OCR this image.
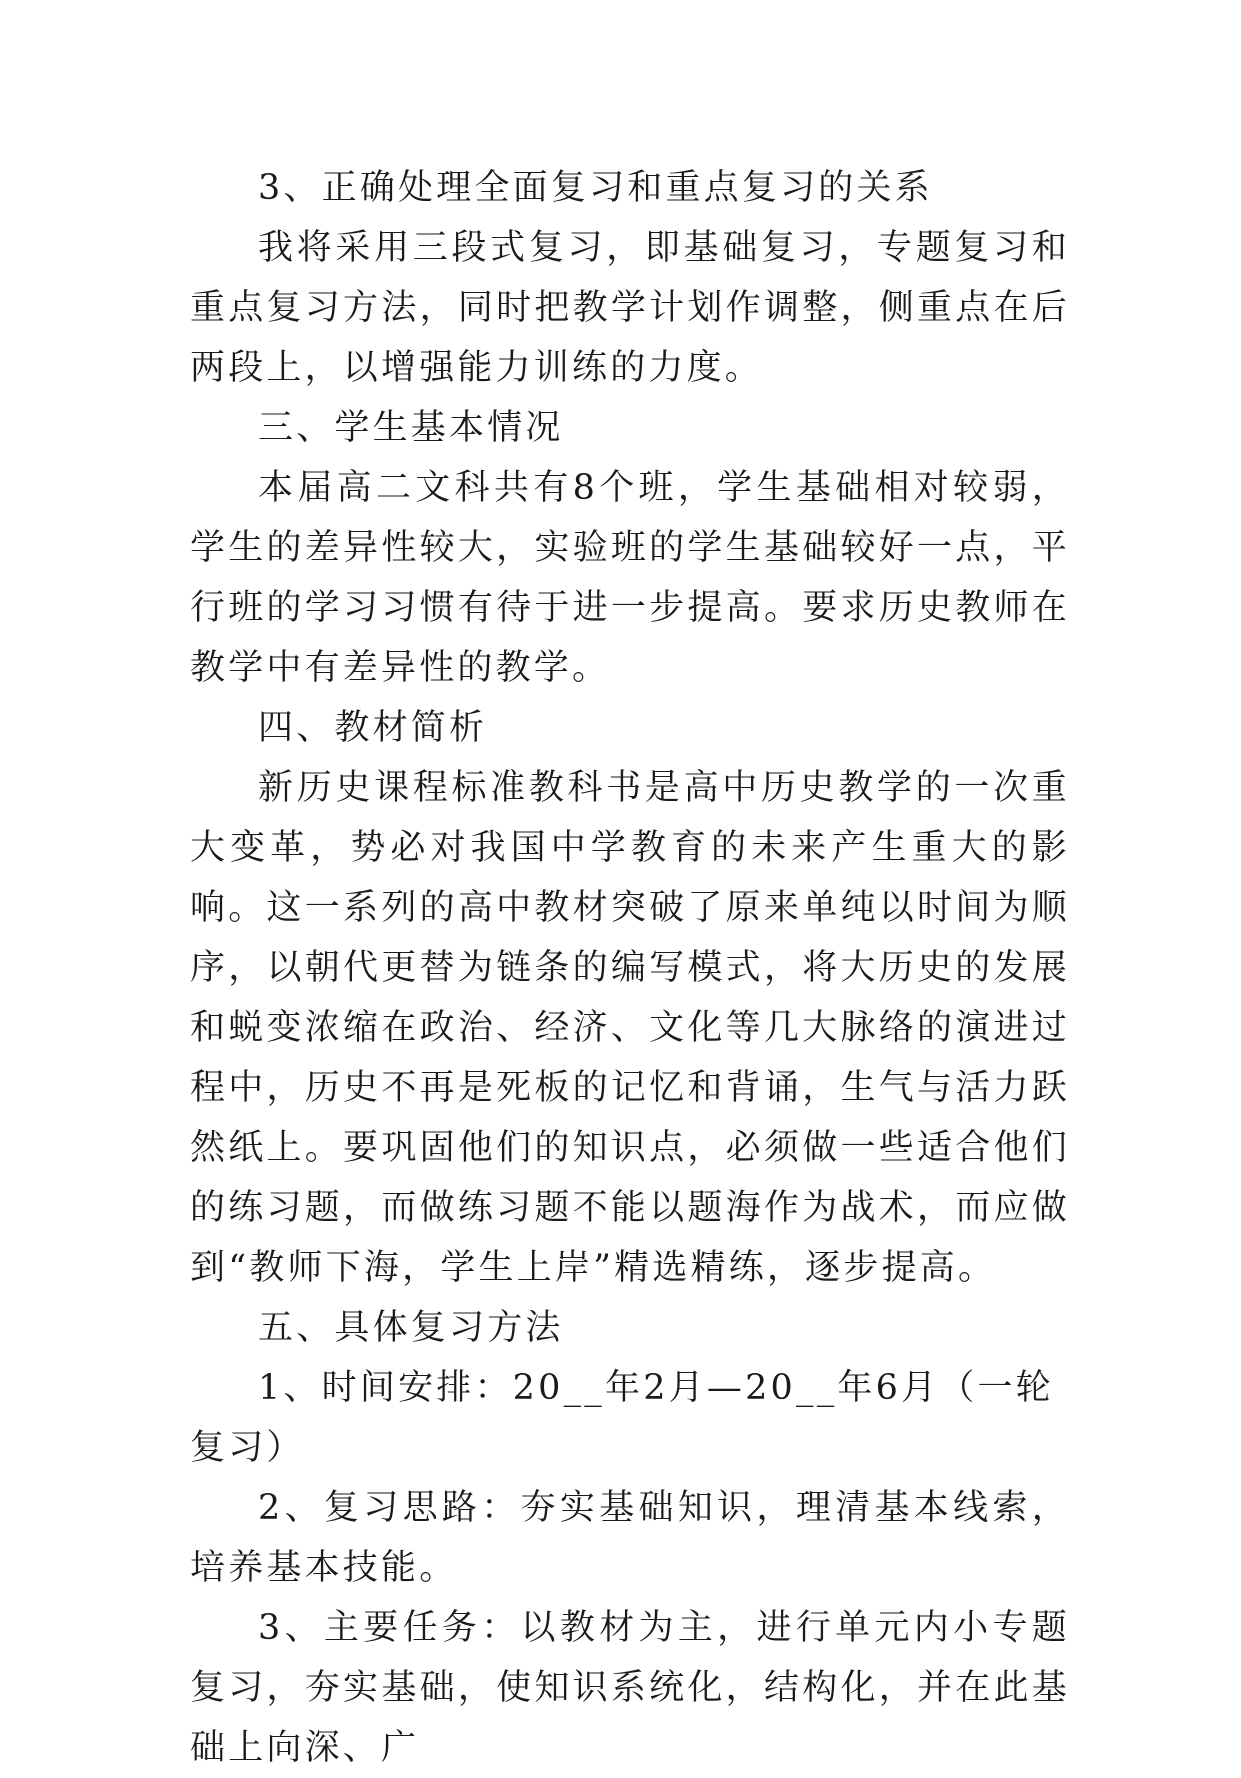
3、正确处理全面复习和重点复习的关系

我将采用三段式复习，即基础复习，专题复习和重点复习方法，同时把教学计划作调整，侧重点在后两段上，以增强能力训练的力度。

三、学生基本情况

本届高二文科共有8个班，学生基础相对较弱，学生的差异性较大，实验班的学生基础较好一点，平行班的学习习惯有待于进一步提高。要求历史教师在教学中有差异性的教学。

四、教材简析

新历史课程标准教科书是高中历史教学的一次重大变革，势必对我国中学教育的未来产生重大的影响。这一系列的高中教材突破了原来单纯以时间为顺序，以朝代更替为链条的编写模式，将大历史的发展和蜕变浓缩在政治、经济、文化等几大脉络的演进过程中，历史不再是死板的记忆和背诵，生气与活力跃然纸上。要巩固他们的知识点，必须做一些适合他们的练习题，而做练习题不能以题海作为战术，而应做到“教师下海，学生上岸”精选精练，逐步提高。

五、具体复习方法

1、时间安排：20__年2月—20__年6月（一轮复习）

2、复习思路：夯实基础知识，理清基本线索，培养基本技能。

3、主要任务：以教材为主，进行单元内小专题复习，夯实基础，使知识系统化，结构化，并在此基础上向深、广
